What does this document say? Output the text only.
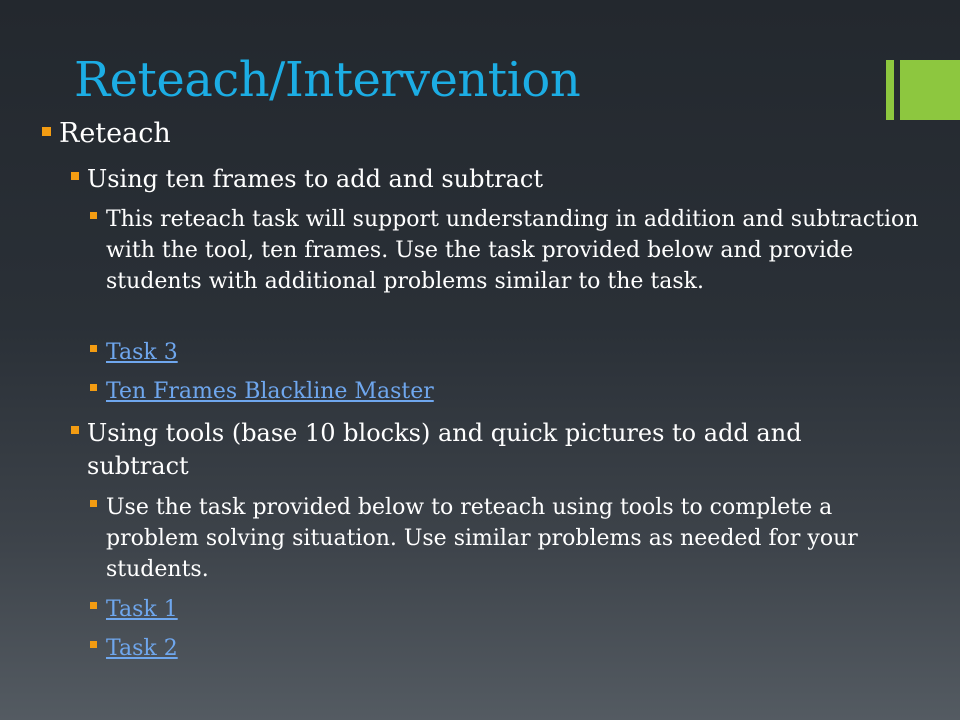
Reteach/Intervention
Reteach
Using ten frames to add and subtract
This reteach task will support understanding in addition and subtraction with the tool, ten frames. Use the task provided below and provide students with additional problems similar to the task.
Task 3
Ten Frames Blackline Master
Using tools (base 10 blocks) and quick pictures to add and subtract
Use the task provided below to reteach using tools to complete a problem solving situation. Use similar problems as needed for your students.
Task 1
Task 2
